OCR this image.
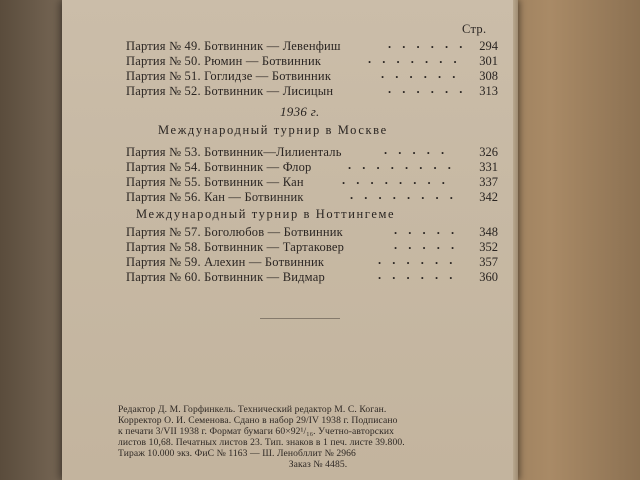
Стр.
Партия № 49. Ботвинник — Левенфиш	. . . . . . 294
Партия № 50. Рюмин — Ботвинник	. . . . . . . 301
Партия № 51. Гоглидзе — Ботвинник	. . . . . . 308
Партия № 52. Ботвинник — Лисицын	. . . . . . 313
1936 г.
Международный турнир в Москве
Партия № 53. Ботвинник—Лилиенталь	. . . . . 326
Партия № 54. Ботвинник — Флор	. . . . . . . . 331
Партия № 55. Ботвинник — Кан	. . . . . . . . 337
Партия № 56. Кан — Ботвинник	. . . . . . . . 342
Международный турнир в Ноттингеме
Партия № 57. Боголюбов — Ботвинник	. . . . . 348
Партия № 58. Ботвинник — Тартаковер	. . . . . 352
Партия № 59. Алехин — Ботвинник	. . . . . . 357
Партия № 60. Ботвинник — Видмар	. . . . . . 360
Редактор Д. М. Горфинкель. Технический редактор М. С. Коган.
Корректор О. И. Семенова. Сдано в набор 29/IV 1938 г. Подписано
к печати 3/VII 1938 г. Формат бумаги 60×92¹/₁₆. Учетно-авторских
листов 10,68. Печатных листов 23. Тип. знаков в 1 печ. листе 39.800.
Тираж 10.000 экз. ФиС № 1163 — Ш. Ленобллит № 2966
Заказ № 4485.
